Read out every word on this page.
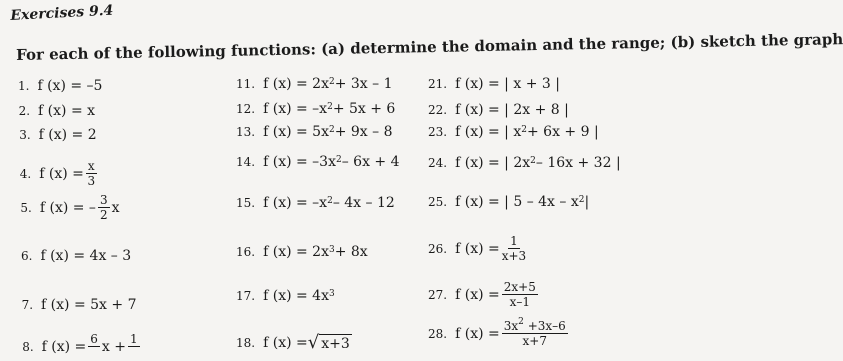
Exercises 9.4
For each of the following functions: (a) determine the domain and the range; (b) sketch the graph
1. f (x) = –5
2. f (x) = x
3. f (x) = 2
4. f $(x) = \frac{x}{3}$
5. f (x) = – $\frac{3}{2}$ x
6. f (x) = 4x – 3
7. f (x) = 5x + 7
8. f (x) = 6
x + 1

11. f $(x) = 2x^2 + 3x - 1$
12. f $(x) = -x^2 + 5x + 6$
13. f $(x) = 5x^2 + 9x - 8$
14. f $(x) = -3x^2 - 6x + 4$
15. f $(x) = -x^2 - 4x - 12$
16. f $(x) = 2x^3 + 8x$
17. f $(x) = 4x^3$
18. f (x) = √ x+3
21. f (x) = | x + 3 |
22. f (x) = | 2x + 8 |
23. f (x) = | $x^2 + 6x + 9$ |
24. f (x) = | $2x^2 - 16x + 32$ |
25. f (x) = | $5 - 4x - x^2$ |
26. f $(x) = \frac{1}{x+3}$
27. f $(x) = \frac{2x+5}{x-1}$
28. f $(x) = \frac{3x^2 +3x-6}{x+7}$
